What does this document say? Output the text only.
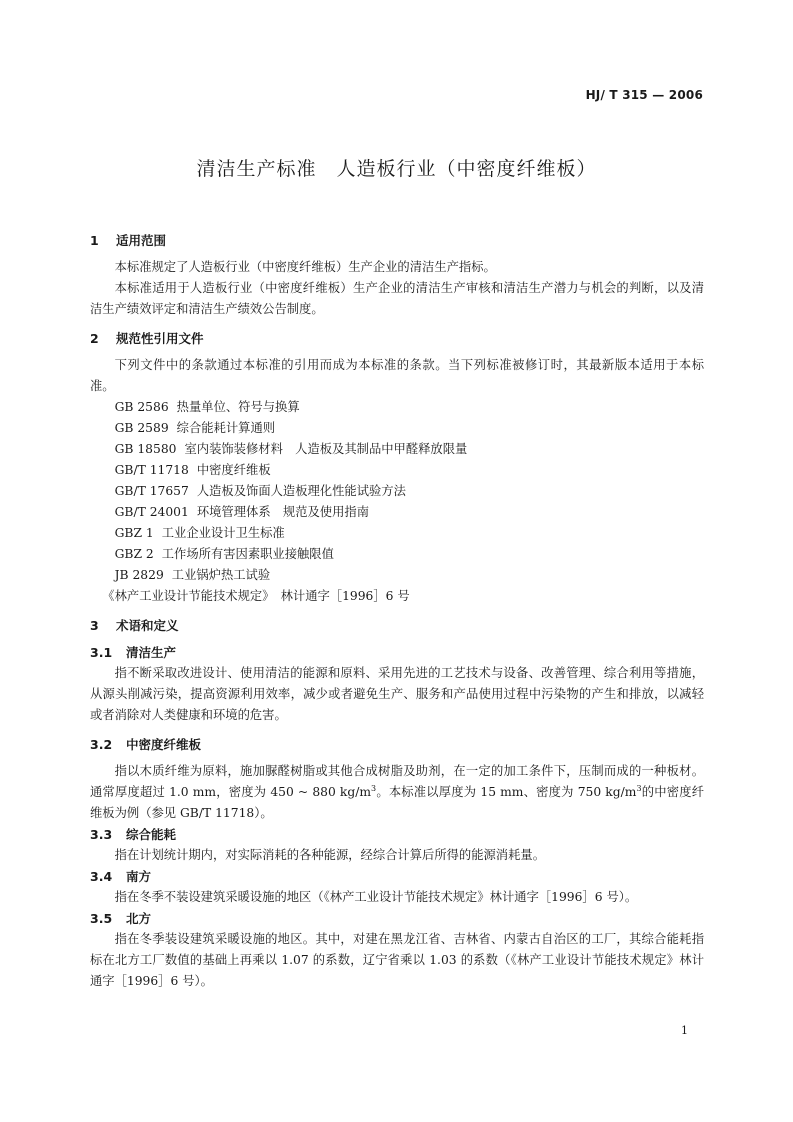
HJ/ T 315 — 2006
清洁生产标准　人造板行业（中密度纤维板）

1 适用范围

本标准规定了人造板行业（中密度纤维板）生产企业的清洁生产指标。

本标准适用于人造板行业（中密度纤维板）生产企业的清洁生产审核和清洁生产潜力与机会的判断，以及清洁生产绩效评定和清洁生产绩效公告制度。

2 规范性引用文件

下列文件中的条款通过本标准的引用而成为本标准的条款。当下列标准被修订时，其最新版本适用于本标准。

GB 2586 热量单位、符号与换算

GB 2589 综合能耗计算通则

GB 18580 室内装饰装修材料　人造板及其制品中甲醛释放限量

GB/T 11718 中密度纤维板

GB/T 17657 人造板及饰面人造板理化性能试验方法

GB/T 24001 环境管理体系　规范及使用指南

GBZ 1 工业企业设计卫生标准

GBZ 2 工作场所有害因素职业接触限值

JB 2829 工业锅炉热工试验

《林产工业设计节能技术规定》　林计通字［1996］6 号

3 术语和定义

3.1 清洁生产

指不断采取改进设计、使用清洁的能源和原料、采用先进的工艺技术与设备、改善管理、综合利用等措施，从源头削减污染，提高资源利用效率，减少或者避免生产、服务和产品使用过程中污染物的产生和排放，以减轻或者消除对人类健康和环境的危害。

3.2 中密度纤维板

指以木质纤维为原料，施加脲醛树脂或其他合成树脂及助剂，在一定的加工条件下，压制而成的一种板材。通常厚度超过 1.0 mm，密度为 450 ~ 880 $kg/m^3$。本标准以厚度为 15 mm、密度为 750 $kg/m^3$的中密度纤维板为例（参见 GB/T 11718）。

3.3 综合能耗

指在计划统计期内，对实际消耗的各种能源，经综合计算后所得的能源消耗量。

3.4 南方

指在冬季不装设建筑采暖设施的地区（《林产工业设计节能技术规定》林计通字［1996］6 号）。

3.5 北方

指在冬季装设建筑采暖设施的地区。其中，对建在黑龙江省、吉林省、内蒙古自治区的工厂，其综合能耗指标在北方工厂数值的基础上再乘以 1.07 的系数，辽宁省乘以 1.03 的系数（《林产工业设计节能技术规定》林计通字［1996］6 号）。

1
